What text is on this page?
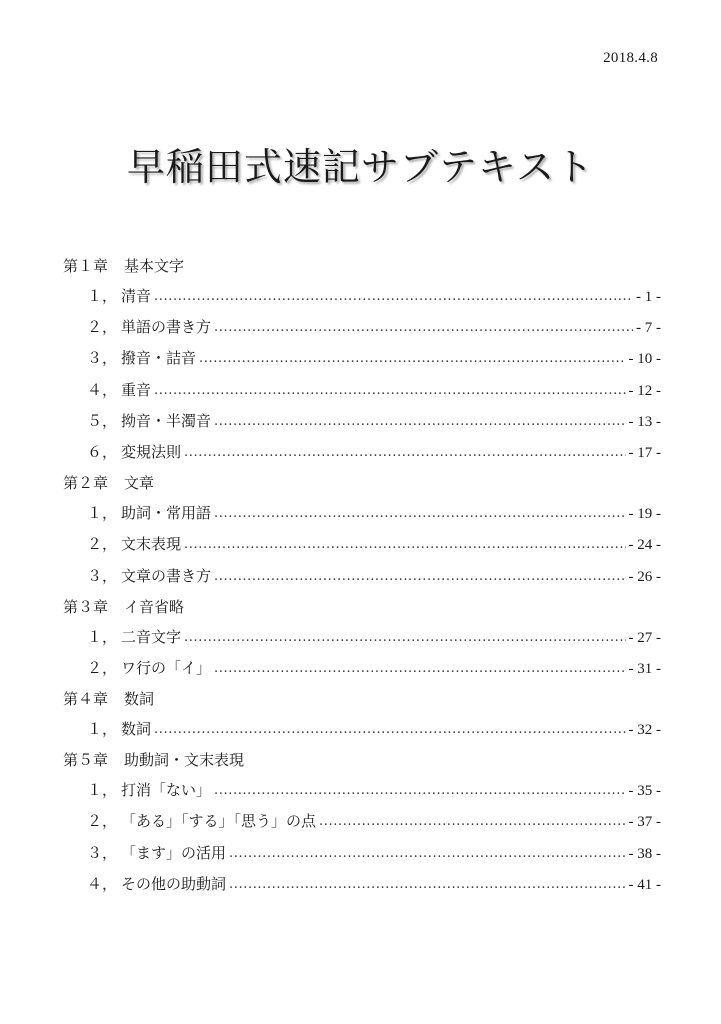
2018.4.8
早稲田式速記サブテキスト
第１章 基本文字
１， 清音 .....	- 1 -
２， 単語の書き方 .....	- 7 -
３， 撥音・詰音 .....	- 10 -
４， 重音 .....	- 12 -
５， 拗音・半濁音 .....	- 13 -
６， 変規法則 .....	- 17 -
第２章 文章
１， 助詞・常用語 .....	- 19 -
２， 文末表現 .....	- 24 -
３， 文章の書き方 .....	- 26 -
第３章 イ音省略
１， 二音文字 .....	- 27 -
２， ワ行の「イ」 .....	- 31 -
第４章 数詞
１， 数詞 .....	- 32 -
第５章 助動詞・文末表現
１， 打消「ない」 .....	- 35 -
２， 「ある」「する」「思う」の点 .....	- 37 -
３， 「ます」の活用 .....	- 38 -
４， その他の助動詞 .....	- 41 -
